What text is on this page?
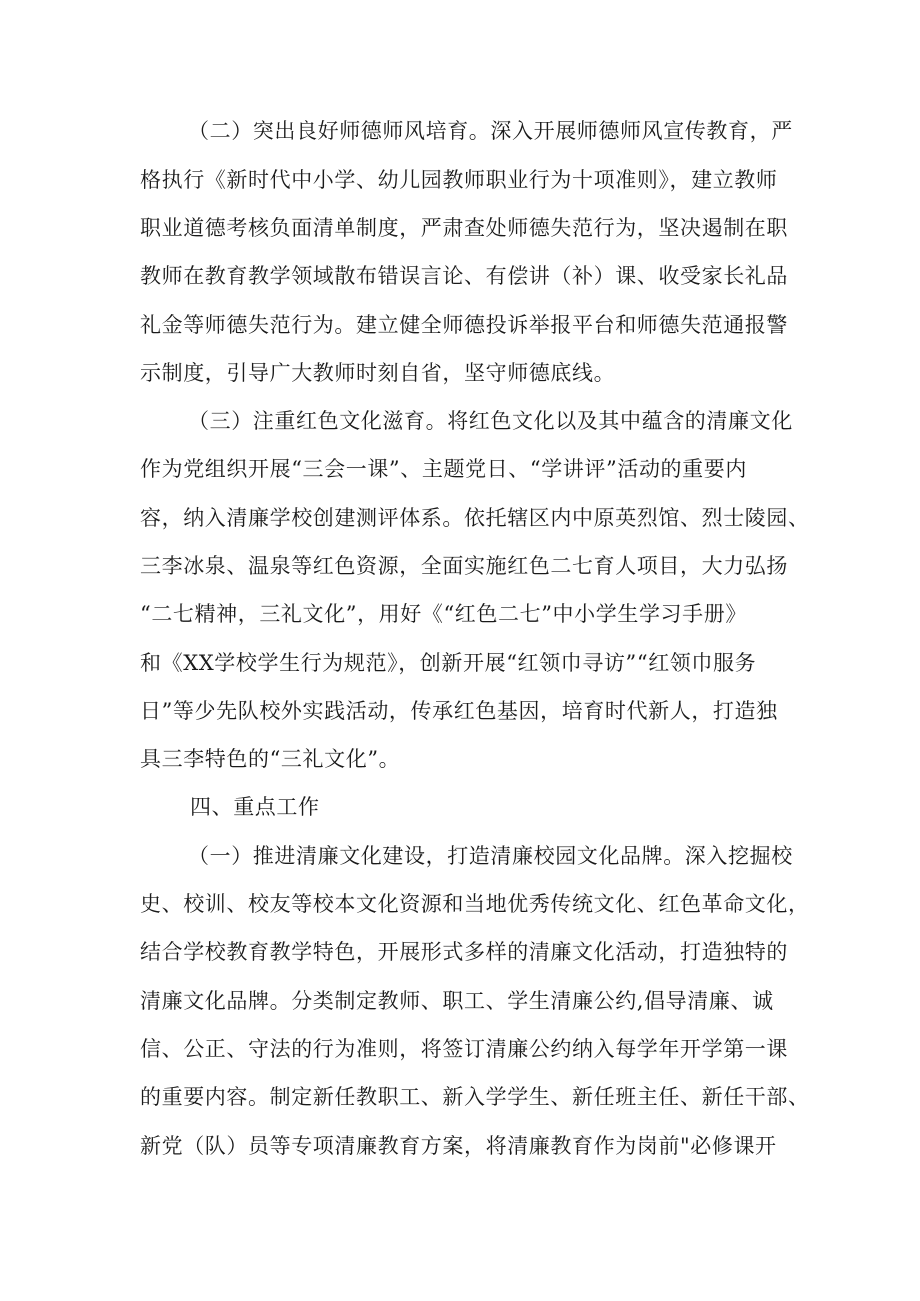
（二）突出良好师德师风培育。深入开展师德师风宣传教育，严
格执行《新时代中小学、幼儿园教师职业行为十项准则》，建立教师
职业道德考核负面清单制度，严肃查处师德失范行为，坚决遏制在职
教师在教育教学领域散布错误言论、有偿讲（补）课、收受家长礼品
礼金等师德失范行为。建立健全师德投诉举报平台和师德失范通报警
示制度，引导广大教师时刻自省，坚守师德底线。
（三）注重红色文化滋育。将红色文化以及其中蕴含的清廉文化
作为党组织开展“三会一课”、主题党日、“学讲评”活动的重要内
容，纳入清廉学校创建测评体系。依托辖区内中原英烈馆、烈士陵园、
三李冰泉、温泉等红色资源，全面实施红色二七育人项目，大力弘扬
“二七精神，三礼文化”，用好《“红色二七”中小学生学习手册》
和《XX学校学生行为规范》，创新开展“红领巾寻访”“红领巾服务
日”等少先队校外实践活动，传承红色基因，培育时代新人，打造独
具三李特色的“三礼文化”。
四、重点工作
（一）推进清廉文化建设，打造清廉校园文化品牌。深入挖掘校
史、校训、校友等校本文化资源和当地优秀传统文化、红色革命文化，
结合学校教育教学特色，开展形式多样的清廉文化活动，打造独特的
清廉文化品牌。分类制定教师、职工、学生清廉公约,倡导清廉、诚
信、公正、守法的行为准则，将签订清廉公约纳入每学年开学第一课
的重要内容。制定新任教职工、新入学学生、新任班主任、新任干部、
新党（队）员等专项清廉教育方案，将清廉教育作为岗前"必修课开
